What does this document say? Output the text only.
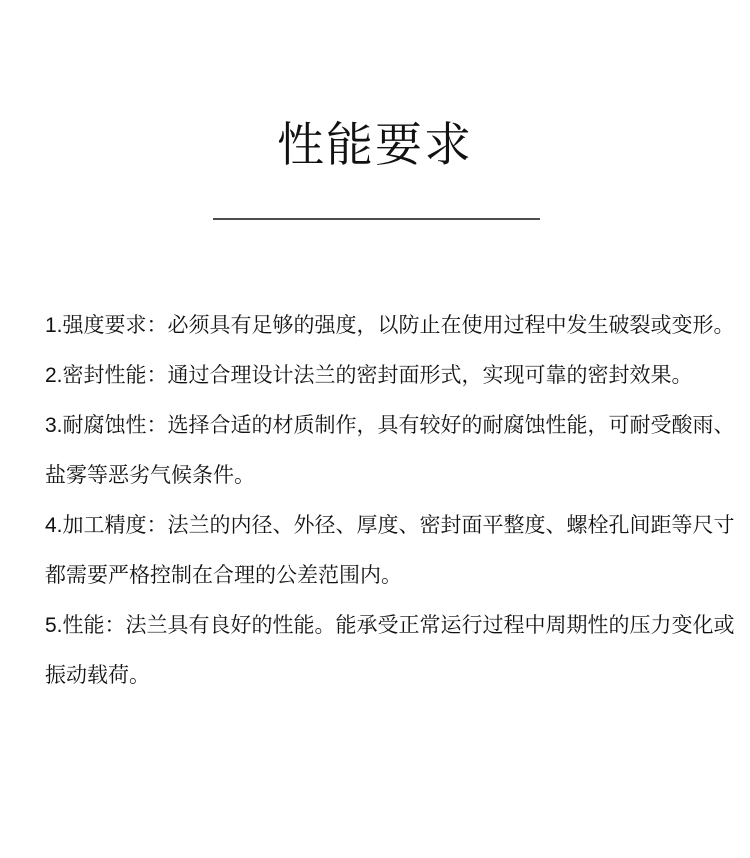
性能要求

1.强度要求：必须具有足够的强度，以防止在使用过程中发生破裂或变形。

2.密封性能：通过合理设计法兰的密封面形式，实现可靠的密封效果。

3.耐腐蚀性：选择合适的材质制作，具有较好的耐腐蚀性能，可耐受酸雨、
盐雾等恶劣气候条件。

4.加工精度：法兰的内径、外径、厚度、密封面平整度、螺栓孔间距等尺寸
都需要严格控制在合理的公差范围内。

5.性能：法兰具有良好的性能。能承受正常运行过程中周期性的压力变化或
振动载荷。
